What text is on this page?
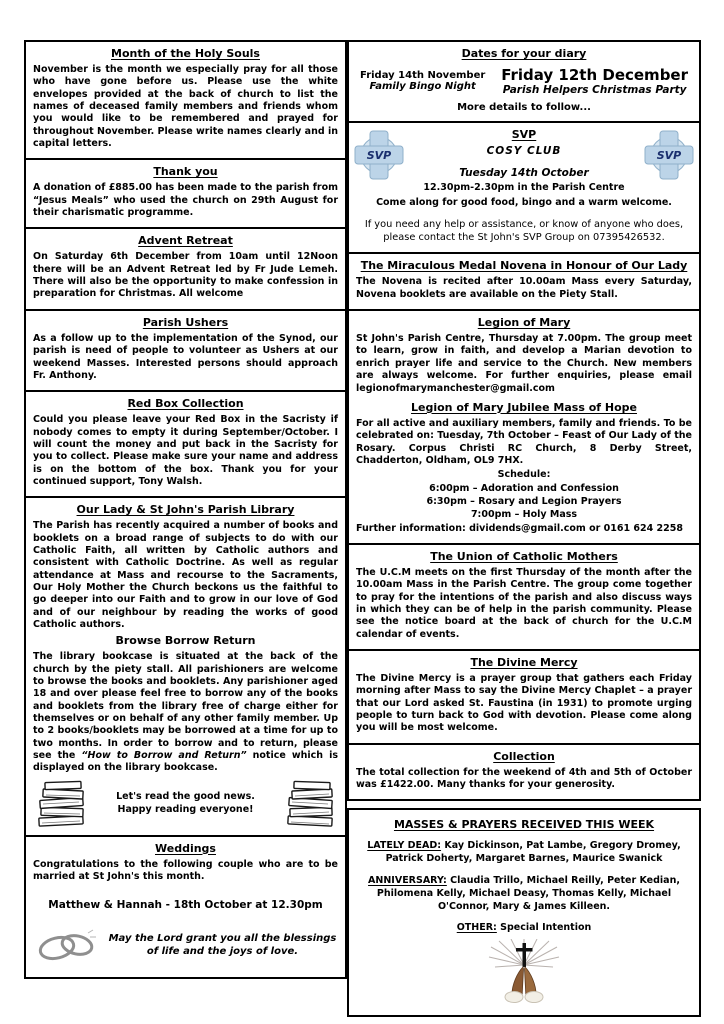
Month of the Holy Souls

November is the month we especially pray for all those who have gone before us. Please use the white envelopes provided at the back of church to list the names of deceased family members and friends whom you would like to be remembered and prayed for throughout November. Please write names clearly and in capital letters.

Thank you

A donation of £885.00 has been made to the parish from “Jesus Meals” who used the church on 29th August for their charismatic programme.

Advent Retreat

On Saturday 6th December from 10am until 12Noon there will be an Advent Retreat led by Fr Jude Lemeh. There will also be the opportunity to make confession in preparation for Christmas. All welcome

Parish Ushers

As a follow up to the implementation of the Synod, our parish is need of people to volunteer as Ushers at our weekend Masses. Interested persons should approach Fr. Anthony.

Red Box Collection

Could you please leave your Red Box in the Sacristy if nobody comes to empty it during September/October. I will count the money and put back in the Sacristy for you to collect. Please make sure your name and address is on the bottom of the box. Thank you for your continued support, Tony Walsh.

Our Lady & St John's Parish Library

The Parish has recently acquired a number of books and booklets on a broad range of subjects to do with our Catholic Faith, all written by Catholic authors and consistent with Catholic Doctrine. As well as regular attendance at Mass and recourse to the Sacraments, Our Holy Mother the Church beckons us the faithful to go deeper into our Faith and to grow in our love of God and of our neighbour by reading the works of good Catholic authors.

Browse Borrow Return

The library bookcase is situated at the back of the church by the piety stall. All parishioners are welcome to browse the books and booklets. Any parishioner aged 18 and over please feel free to borrow any of the books and booklets from the library free of charge either for themselves or on behalf of any other family member. Up to 2 books/booklets may be borrowed at a time for up to two months. In order to borrow and to return, please see the “How to Borrow and Return” notice which is displayed on the library bookcase.

Let's read the good news.
Happy reading everyone!
Weddings

Congratulations to the following couple who are to be married at St John's this month.

Matthew & Hannah - 18th October at 12.30pm

May the Lord grant you all the blessings of life and the joys of love.
Dates for your diary
Friday 14th November
Family Bingo Night
Friday 12th December
Parish Helpers Christmas Party

More details to follow...

SVP	SVP
SVP

COSY CLUB

Tuesday 14th October

12.30pm-2.30pm in the Parish Centre

Come along for good food, bingo and a warm welcome.

If you need any help or assistance, or know of anyone who does, please contact the St John's SVP Group on 07395426532.

The Miraculous Medal Novena in Honour of Our Lady

The Novena is recited after 10.00am Mass every Saturday, Novena booklets are available on the Piety Stall.

Legion of Mary

St John's Parish Centre, Thursday at 7.00pm. The group meet to learn, grow in faith, and develop a Marian devotion to enrich prayer life and service to the Church. New members are always welcome. For further enquiries, please email legionofmarymanchester@gmail.com

Legion of Mary Jubilee Mass of Hope

For all active and auxiliary members, family and friends. To be celebrated on: Tuesday, 7th October – Feast of Our Lady of the Rosary. Corpus Christi RC Church, 8 Derby Street, Chadderton, Oldham, OL9 7HX.

Schedule:

6:00pm – Adoration and Confession

6:30pm – Rosary and Legion Prayers

7:00pm – Holy Mass

Further information: dividends@gmail.com or 0161 624 2258

The Union of Catholic Mothers

The U.C.M meets on the first Thursday of the month after the 10.00am Mass in the Parish Centre. The group come together to pray for the intentions of the parish and also discuss ways in which they can be of help in the parish community. Please see the notice board at the back of church for the U.C.M calendar of events.

The Divine Mercy

The Divine Mercy is a prayer group that gathers each Friday morning after Mass to say the Divine Mercy Chaplet – a prayer that our Lord asked St. Faustina (in 1931) to promote urging people to turn back to God with devotion. Please come along you will be most welcome.

Collection

The total collection for the weekend of 4th and 5th of October was £1422.00. Many thanks for your generosity.

MASSES & PRAYERS RECEIVED THIS WEEK

LATELY DEAD: Kay Dickinson, Pat Lambe, Gregory Dromey, Patrick Doherty, Margaret Barnes, Maurice Swanick

ANNIVERSARY: Claudia Trillo, Michael Reilly, Peter Kedian, Philomena Kelly, Michael Deasy, Thomas Kelly, Michael O'Connor, Mary & James Killeen.

OTHER: Special Intention
